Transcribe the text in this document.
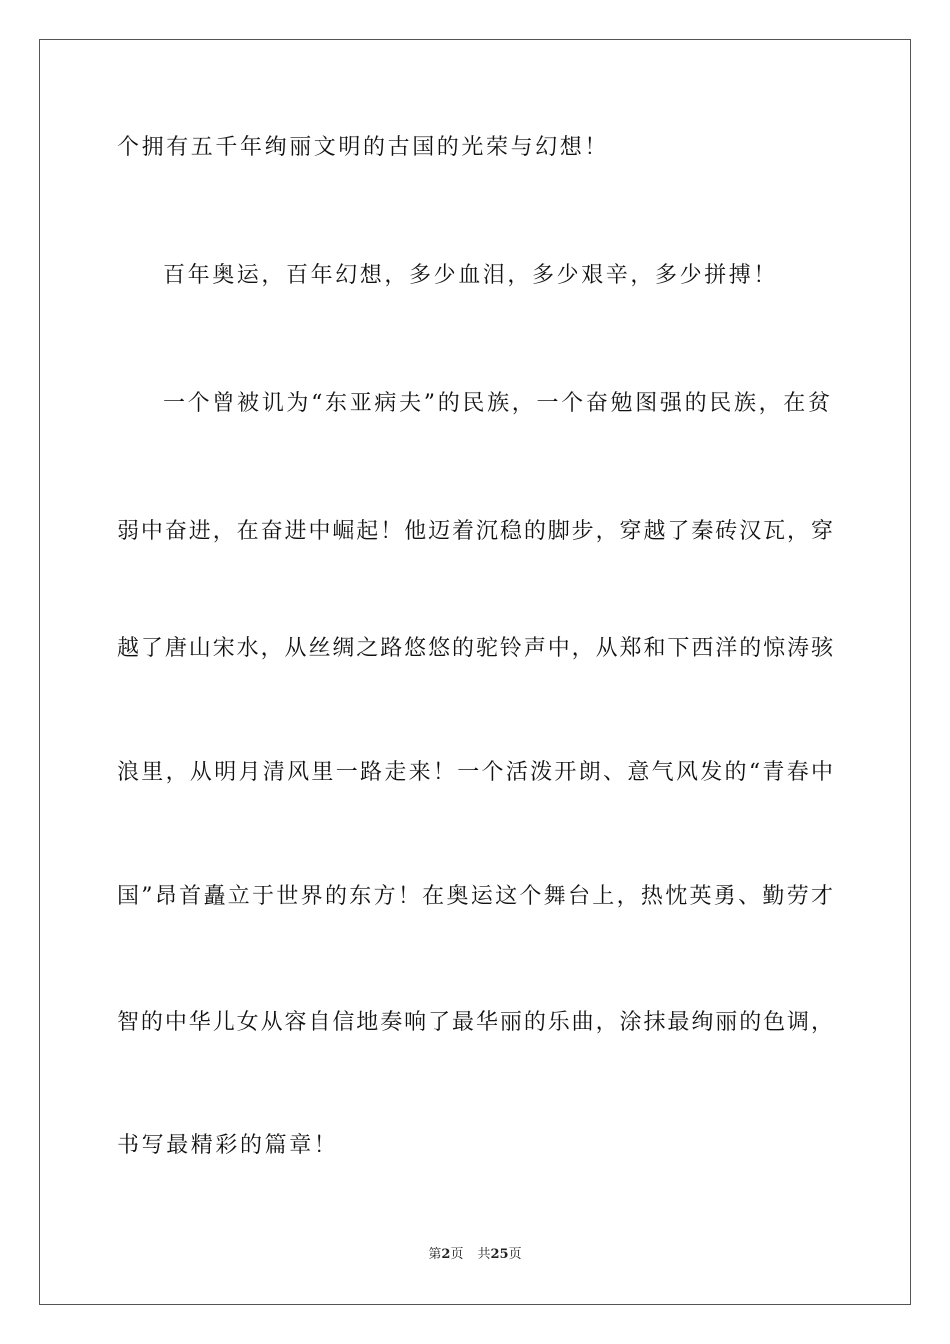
个拥有五千年绚丽文明的古国的光荣与幻想！
百年奥运，百年幻想，多少血泪，多少艰辛，多少拼搏！
一个曾被讥为“东亚病夫”的民族，一个奋勉图强的民族，在贫
弱中奋进，在奋进中崛起！他迈着沉稳的脚步，穿越了秦砖汉瓦，穿
越了唐山宋水，从丝绸之路悠悠的驼铃声中，从郑和下西洋的惊涛骇
浪里，从明月清风里一路走来！一个活泼开朗、意气风发的“青春中
国”昂首矗立于世界的东方！在奥运这个舞台上，热忱英勇、勤劳才
智的中华儿女从容自信地奏响了最华丽的乐曲，涂抹最绚丽的色调，
书写最精彩的篇章！
第2页 共25页
